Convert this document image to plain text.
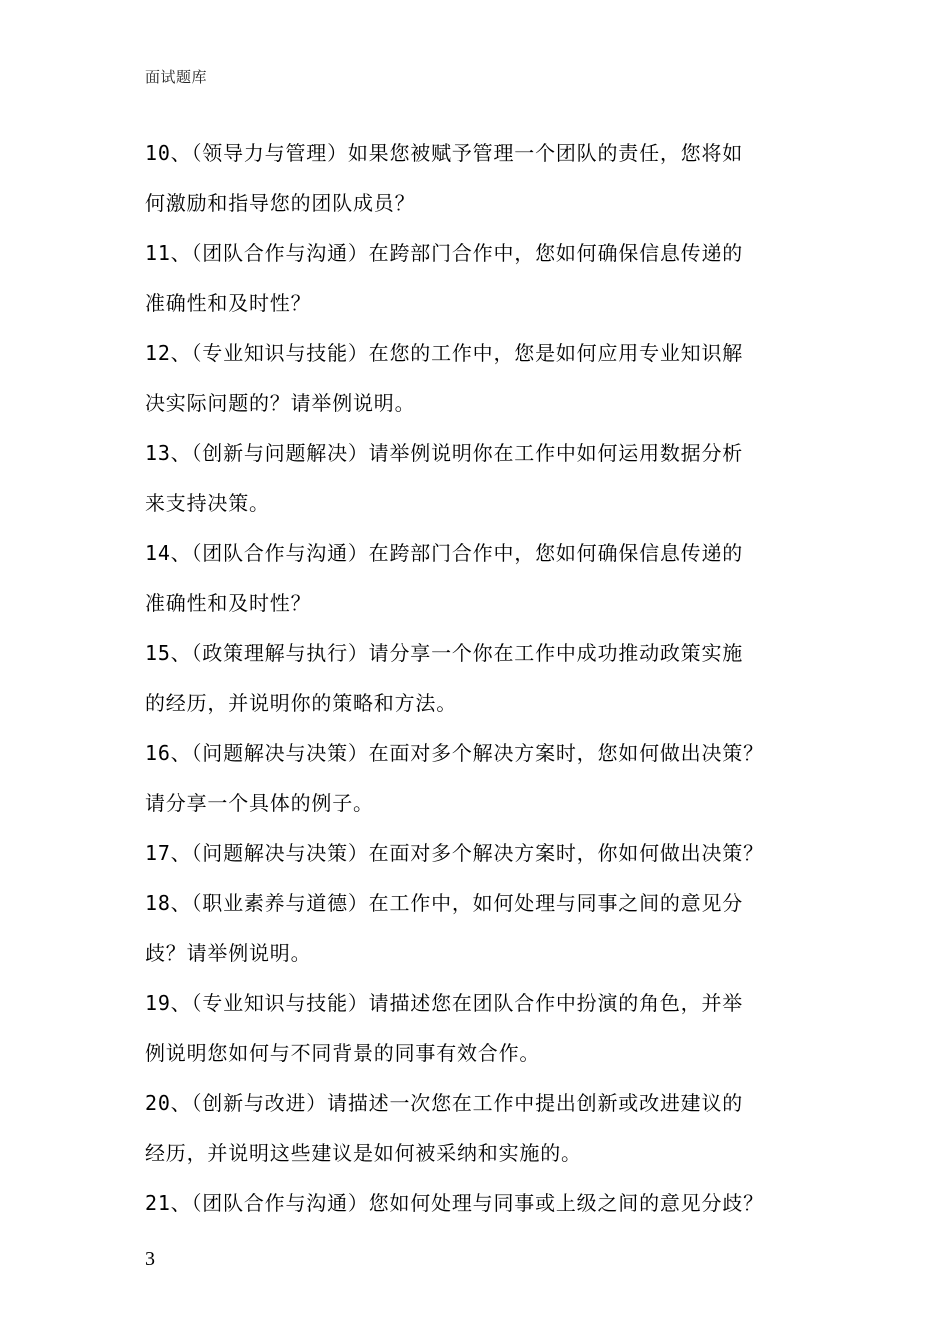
面试题库

10、（领导力与管理）如果您被赋予管理一个团队的责任，您将如

何激励和指导您的团队成员？

11、（团队合作与沟通）在跨部门合作中，您如何确保信息传递的

准确性和及时性？

12、（专业知识与技能）在您的工作中，您是如何应用专业知识解

决实际问题的？请举例说明。

13、（创新与问题解决）请举例说明你在工作中如何运用数据分析

来支持决策。

14、（团队合作与沟通）在跨部门合作中，您如何确保信息传递的

准确性和及时性？

15、（政策理解与执行）请分享一个你在工作中成功推动政策实施

的经历，并说明你的策略和方法。

16、（问题解决与决策）在面对多个解决方案时，您如何做出决策？

请分享一个具体的例子。

17、（问题解决与决策）在面对多个解决方案时，你如何做出决策？

18、（职业素养与道德）在工作中，如何处理与同事之间的意见分

歧？请举例说明。

19、（专业知识与技能）请描述您在团队合作中扮演的角色，并举

例说明您如何与不同背景的同事有效合作。

20、（创新与改进）请描述一次您在工作中提出创新或改进建议的

经历，并说明这些建议是如何被采纳和实施的。

21、（团队合作与沟通）您如何处理与同事或上级之间的意见分歧？

3
